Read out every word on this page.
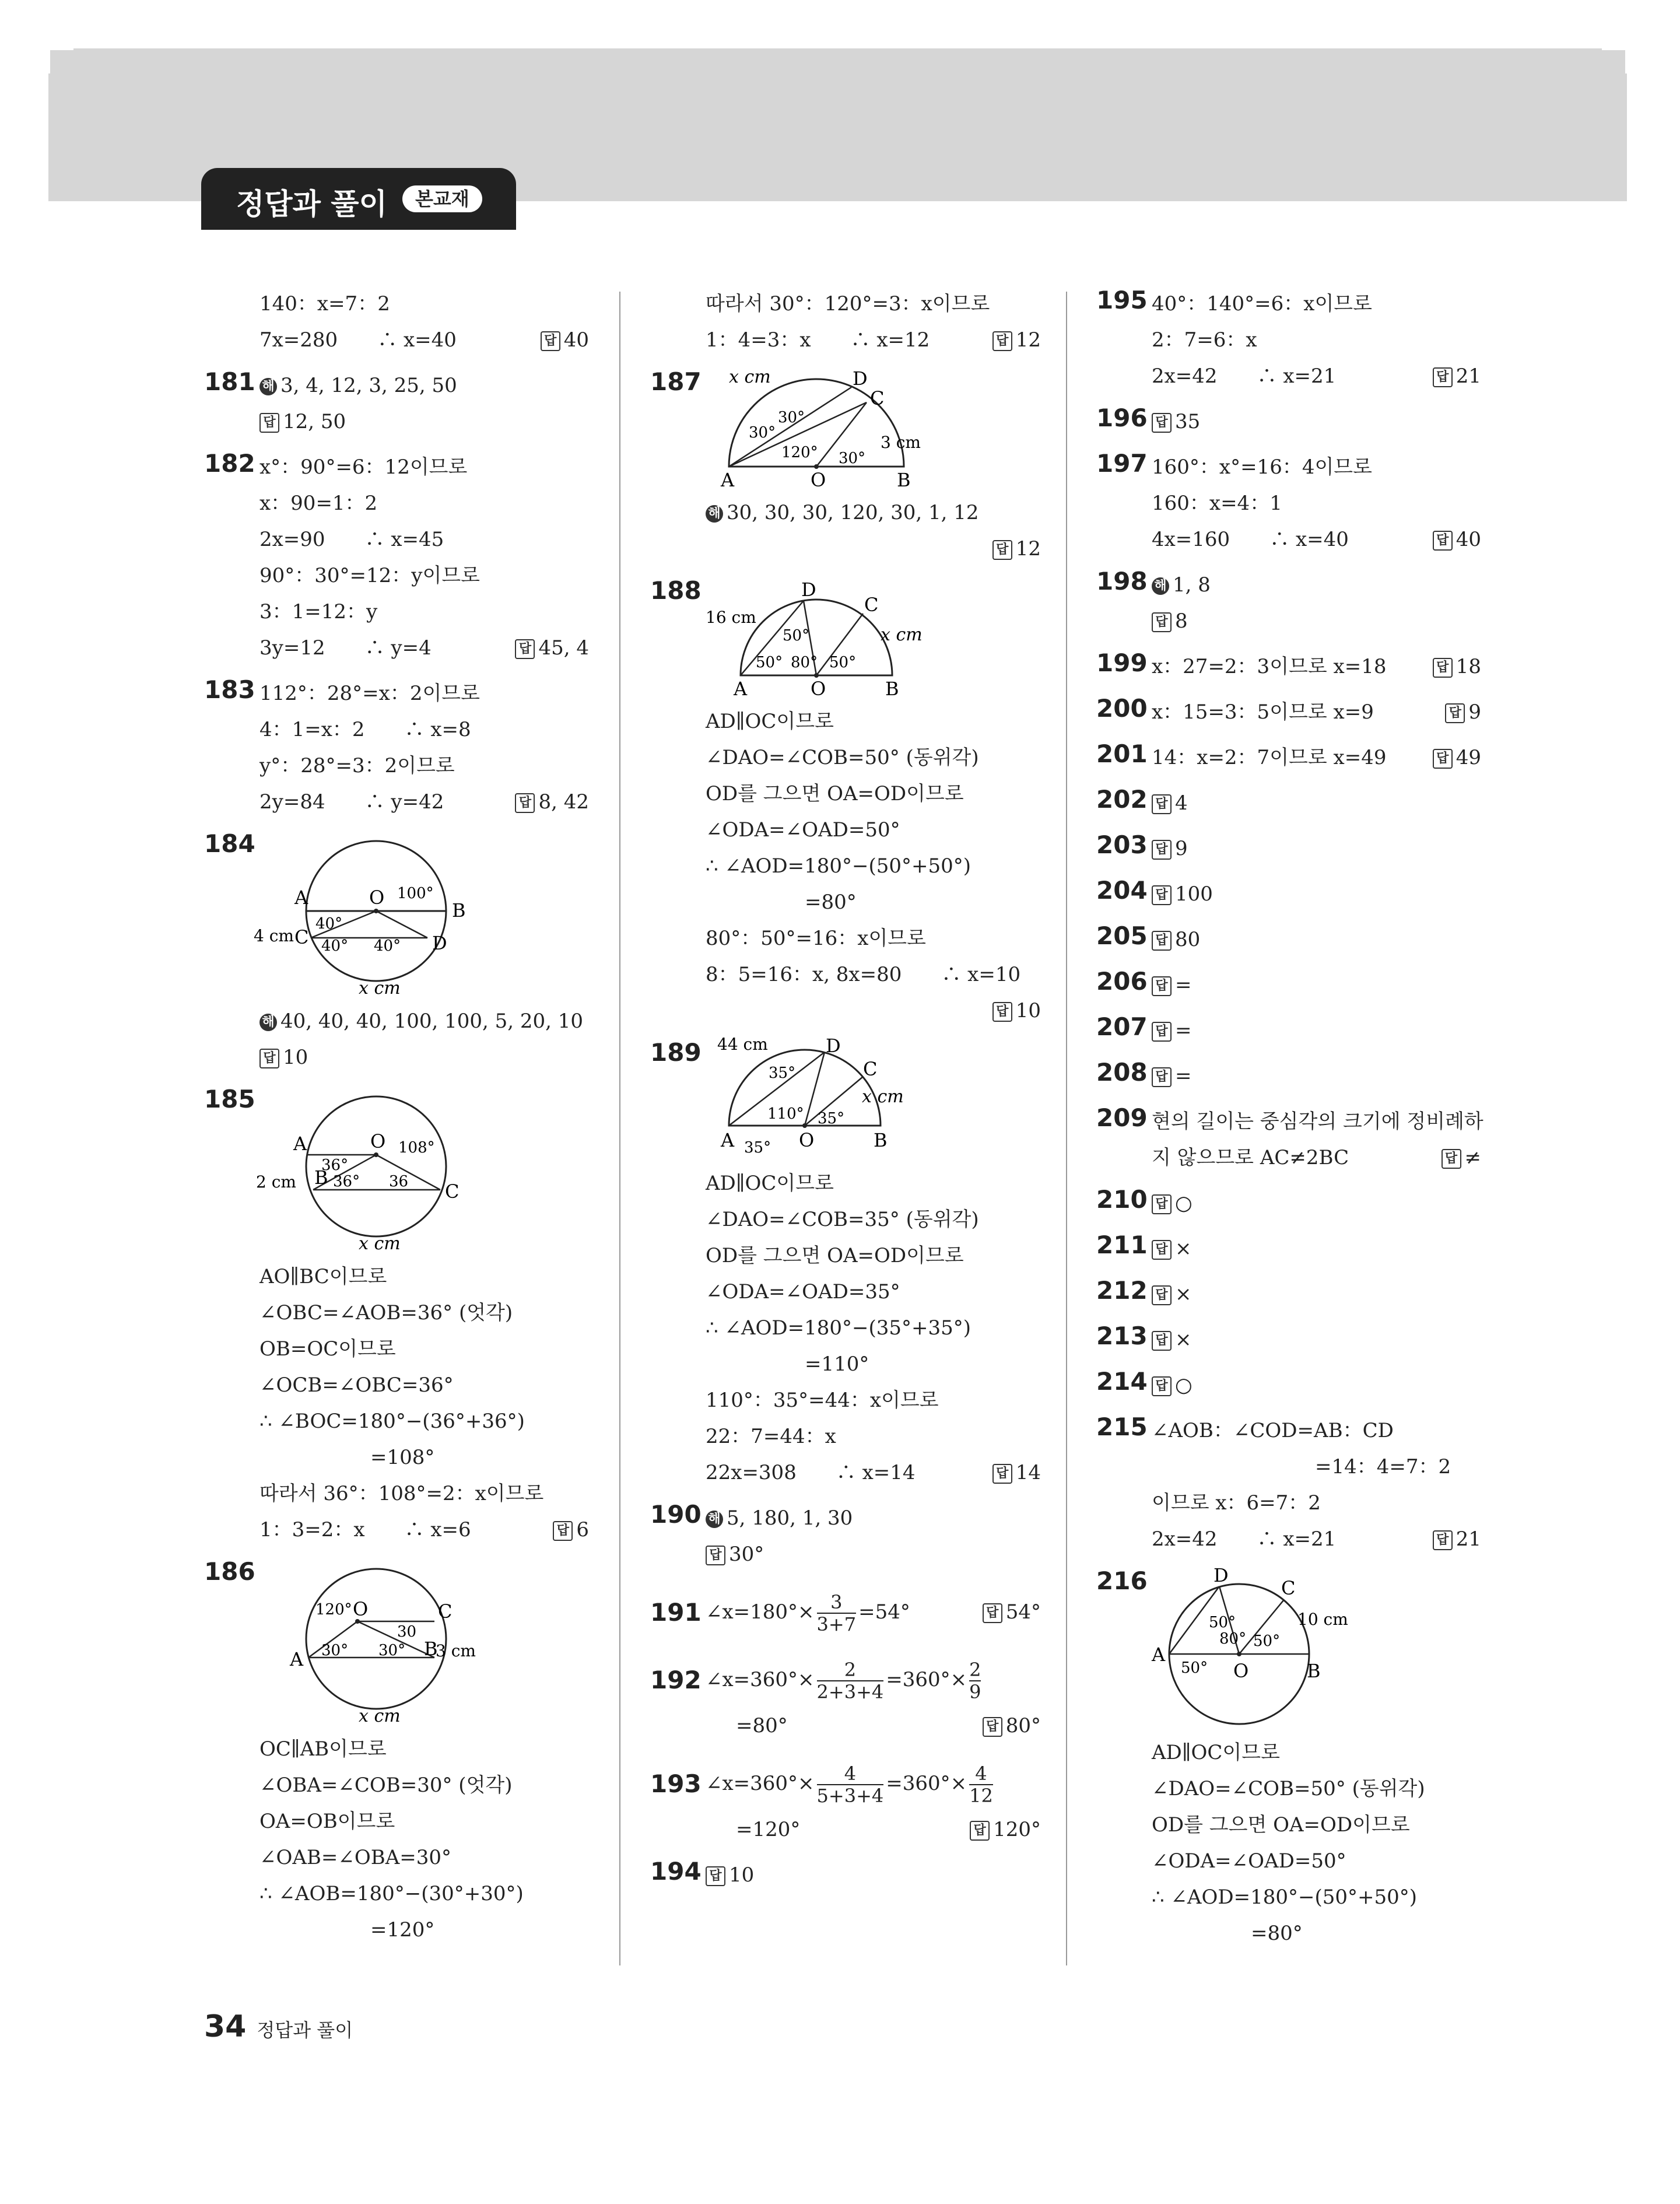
정답과 풀이	본교재
140：x=7：2
7x=280　　∴ x=40	답 40
181 해 3, 4, 12, 3, 25, 50
답 12, 50
182 x°：90°=6：12이므로
x：90=1：2
2x=90　　∴ x=45
90°：30°=12：y이므로
3：1=12：y
3y=12　　∴ y=4	답 45, 4
183 112°：28°=x：2이므로
4：1=x：2　　∴ x=8
y°：28°=3：2이므로
2y=84　　∴ y=42	답 8, 42
184
A	O
B
C	D
100°
40°
40° 40°
4 cm
x cm
해 40, 40, 40, 100, 100, 5, 20, 10
답 10
185
A	O
B
C
108°
36°
36° 36
2 cm
x cm
AO∥BC이므로
∠OBC=∠AOB=36° (엇각)
OB=OC이므로
∠OCB=∠OBC=36°
∴ ∠BOC=180°−(36°+36°)
=108°
따라서 36°：108°=2：x이므로
1：3=2：x　　∴ x=6	답 6
186
A
O
B
C
120°
30° 30°
30
3 cm
x cm
OC∥AB이므로
∠OBA=∠COB=30° (엇각)
OA=OB이므로
∠OAB=∠OBA=30°
∴ ∠AOB=180°−(30°+30°)
=120°
따라서 30°：120°=3：x이므로
1：4=3：x　　∴ x=12	답 12
187
A	O	B
C
D
30°
30°
120° 30°
3 cm
x cm
해 30, 30, 30, 120, 30, 1, 12
답 12
188
A	O	B
C
D
50°
50° 80° 50°
16 cm
x cm
AD∥OC이므로
∠DAO=∠COB=50° (동위각)
OD를 그으면 OA=OD이므로
∠ODA=∠OAD=50°
∴ ∠AOD=180°−(50°+50°)
=80°
80°：50°=16：x이므로
8：5=16：x, 8x=80　　∴ x=10
답 10
189
A	O	B
C
D
35°
110° 35°
35°
44 cm
x cm
AD∥OC이므로
∠DAO=∠COB=35° (동위각)
OD를 그으면 OA=OD이므로
∠ODA=∠OAD=35°
∴ ∠AOD=180°−(35°+35°)
=110°
110°：35°=44：x이므로
22：7=44：x
22x=308　　∴ x=14	답 14
190 해 5, 180, 1, 30
답 30°
191 ∠x=180°× $\frac{3}{3+7} =54^\circ$	답 54°
192 ∠x=360°× $\frac{2}{2+3+4} =360^\circ\times \frac{2}{9}$
=80°	답 80°
193 ∠x=360°× $\frac{4}{5+3+4} =360^\circ\times \frac{4}{12}$
=120°	답 120°
194 답 10
195 40°：140°=6：x이므로
2：7=6：x
2x=42　　∴ x=21	답 21
196 답 35
197 160°：x°=16：4이므로
160：x=4：1
4x=160　　∴ x=40	답 40
198 해 1, 8
답 8
199 x：27=2：3이므로 x=18	답 18
200 x：15=3：5이므로 x=9	답 9
201 14：x=2：7이므로 x=49	답 49
202 답 4
203 답 9
204 답 100
205 답 80
206 답 =
207 답 =
208 답 =
209 현의 길이는 중심각의 크기에 정비례하
지 않으므로 AC≠2BC	답 ≠
210 답 ○
211 답 ×
212 답 ×
213 답 ×
214 답 ○
215 ∠AOB：∠COD=AB：CD
=14：4=7：2
이므로 x：6=7：2
2x=42　　∴ x=21	답 21
216
A
O	B
C
D
50°
80° 50°
50°
10 cm
AD∥OC이므로
∠DAO=∠COB=50° (동위각)
OD를 그으면 OA=OD이므로
∠ODA=∠OAD=50°
∴ ∠AOD=180°−(50°+50°)
=80°
34 정답과 풀이
